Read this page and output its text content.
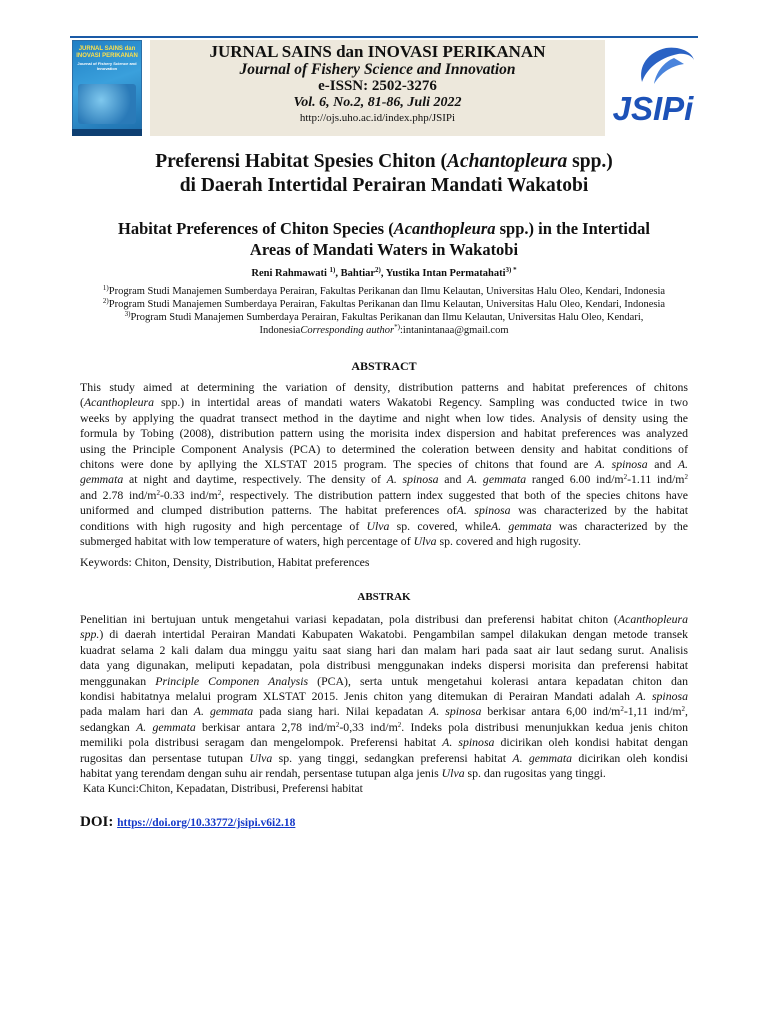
JURNAL SAINS dan INOVASI PERIKANAN
Journal of Fishery Science and Innovation
JURNAL SAINS dan INOVASI PERIKANAN
Journal of Fishery Science and Innovation
e-ISSN: 2502-3276
Vol. 6, No.2, 81-86, Juli 2022
http://ojs.uho.ac.id/index.php/JSIPi	JSIPi
Preferensi Habitat Spesies Chiton (Achantopleura spp.)
di Daerah Intertidal Perairan Mandati Wakatobi
Habitat Preferences of Chiton Species (Acanthopleura spp.) in the Intertidal
Areas of Mandati Waters in Wakatobi
Reni Rahmawati $^{1)}$, Bahtiar$^{2)}$, Yustika Intan Permatahati$^{3) *}$
$^{1)}$Program Studi Manajemen Sumberdaya Perairan, Fakultas Perikanan dan Ilmu Kelautan, Universitas Halu Oleo, Kendari, Indonesia
$^{2)}$Program Studi Manajemen Sumberdaya Perairan, Fakultas Perikanan dan Ilmu Kelautan, Universitas Halu Oleo, Kendari, Indonesia
$^{3)}$Program Studi Manajemen Sumberdaya Perairan, Fakultas Perikanan dan Ilmu Kelautan, Universitas Halu Oleo, Kendari,
IndonesiaCorresponding author*):intanintanaa@gmail.com
ABSTRACT
This study aimed at determining the variation of density, distribution patterns and habitat preferences of chitons
(Acanthopleura spp.) in intertidal areas of mandati waters Wakatobi Regency. Sampling was conducted twice in two
weeks by applying the quadrat transect method in the daytime and night when low tides. Analysis of density using the
formula by Tobing (2008), distribution pattern using the morisita index dispersion and habitat preferences was analyzed
using the Principle Component Analysis (PCA) to determined the coleration between density and habitat conditions of
chitons were done by apllying the XLSTAT 2015 program. The species of chitons that found are A. spinosa and A.
gemmata at night and daytime, respectively. The density of A. spinosa and A. gemmata ranged 6.00 ind/$m^2-1.11$ ind/$m^2$
and 2.78 ind/$m^2-0.33$ ind/$m^2$, respectively. The distribution pattern index suggested that both of the species chitons have
uniformed and clumped distribution patterns. The habitat preferences ofA. spinosa was characterized by the habitat
conditions with high rugosity and high percentage of Ulva sp. covered, whileA. gemmata was characterized by the
submerged habitat with low temperature of waters, high percentage of Ulva sp. covered and high rugosity.
Keywords: Chiton, Density, Distribution, Habitat preferences
ABSTRAK
Penelitian ini bertujuan untuk mengetahui variasi kepadatan, pola distribusi dan preferensi habitat chiton (Acanthopleura
spp.) di daerah intertidal Perairan Mandati Kabupaten Wakatobi. Pengambilan sampel dilakukan dengan metode transek
kuadrat selama 2 kali dalam dua minggu yaitu saat siang hari dan malam hari pada saat air laut sedang surut. Analisis
data yang digunakan, meliputi kepadatan, pola distribusi menggunakan indeks dispersi morisita dan preferensi habitat
menggunakan Principle Componen Analysis (PCA), serta untuk mengetahui kolerasi antara kepadatan chiton dan
kondisi habitatnya melalui program XLSTAT 2015. Jenis chiton yang ditemukan di Perairan Mandati adalah A. spinosa
pada malam hari dan A. gemmata pada siang hari. Nilai kepadatan A. spinosa berkisar antara 6,00 ind/$m^2-1,11$ ind/$m^2$,
sedangkan A. gemmata berkisar antara 2,78 ind/$m^2-0,33$ ind/$m^2$. Indeks pola distribusi menunjukkan kedua jenis chiton
memiliki pola distribusi seragam dan mengelompok. Preferensi habitat A. spinosa dicirikan oleh kondisi habitat dengan
rugositas dan persentase tutupan Ulva sp. yang tinggi, sedangkan preferensi habitat A. gemmata dicirikan oleh kondisi
habitat yang terendam dengan suhu air rendah, persentase tutupan alga jenis Ulva sp. dan rugositas yang tinggi.
Kata Kunci:Chiton, Kepadatan, Distribusi, Preferensi habitat
DOI: https://doi.org/10.33772/jsipi.v6i2.18
